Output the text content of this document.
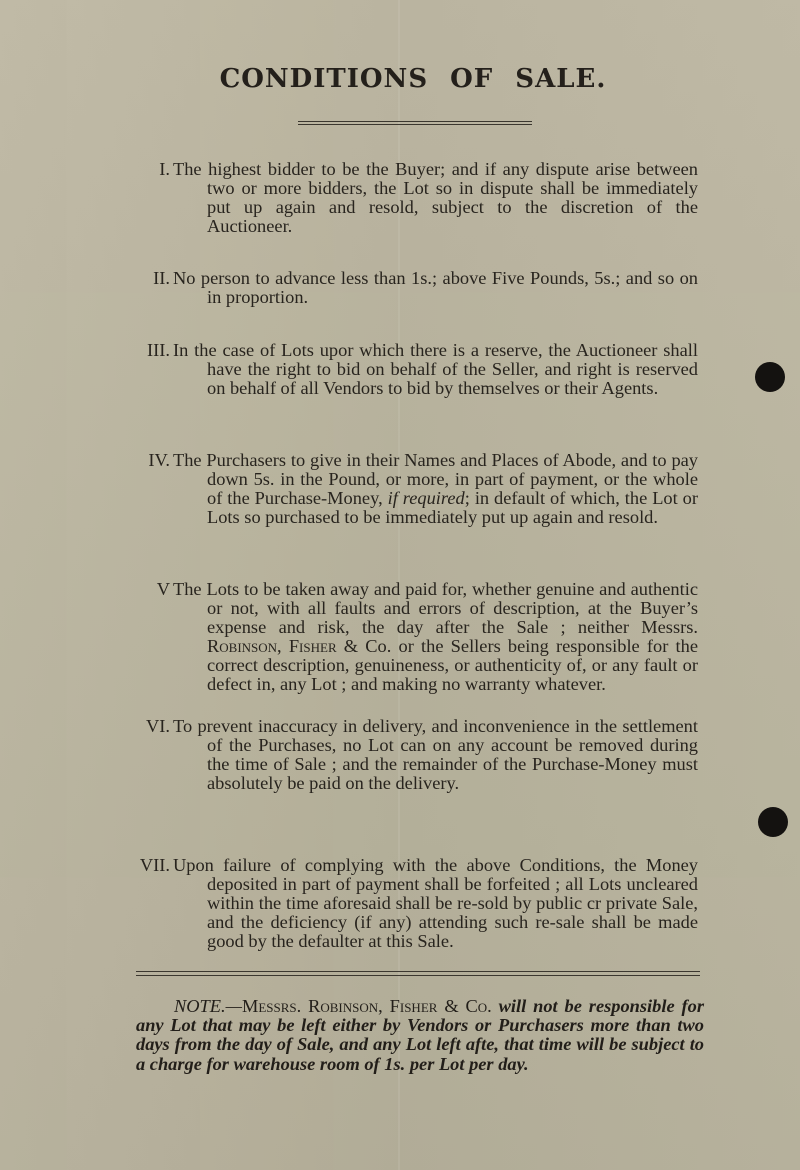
CONDITIONS OF SALE.
I. The highest bidder to be the Buyer; and if any dispute arise between two or more bidders, the Lot so in dispute shall be immediately put up again and resold, subject to the discretion of the Auctioneer.
II. No person to advance less than 1s.; above Five Pounds, 5s.; and so on in proportion.
III. In the case of Lots upor which there is a reserve, the Auctioneer shall have the right to bid on behalf of the Seller, and right is reserved on behalf of all Vendors to bid by themselves or their Agents.
IV. The Purchasers to give in their Names and Places of Abode, and to pay down 5s. in the Pound, or more, in part of payment, or the whole of the Purchase-Money, if required; in default of which, the Lot or Lots so purchased to be immediately put up again and resold.
V The Lots to be taken away and paid for, whether genuine and authentic or not, with all faults and errors of description, at the Buyer’s expense and risk, the day after the Sale ; neither Messrs. Robinson, Fisher & Co. or the Sellers being responsible for the correct description, genuineness, or authenticity of, or any fault or defect in, any Lot ; and making no warranty whatever.
VI. To prevent inaccuracy in delivery, and inconvenience in the settlement of the Purchases, no Lot can on any account be removed during the time of Sale ; and the remainder of the Purchase-Money must absolutely be paid on the delivery.
VII. Upon failure of complying with the above Conditions, the Money deposited in part of payment shall be forfeited ; all Lots uncleared within the time aforesaid shall be re-sold by public cr private Sale, and the deficiency (if any) attending such re-sale shall be made good by the defaulter at this Sale.
NOTE.—Messrs. Robinson, Fisher & Co. will not be responsible for any Lot that may be left either by Vendors or Purchasers more than two days from the day of Sale, and any Lot left afte, that time will be subject to a charge for warehouse room of 1s. per Lot per day.
